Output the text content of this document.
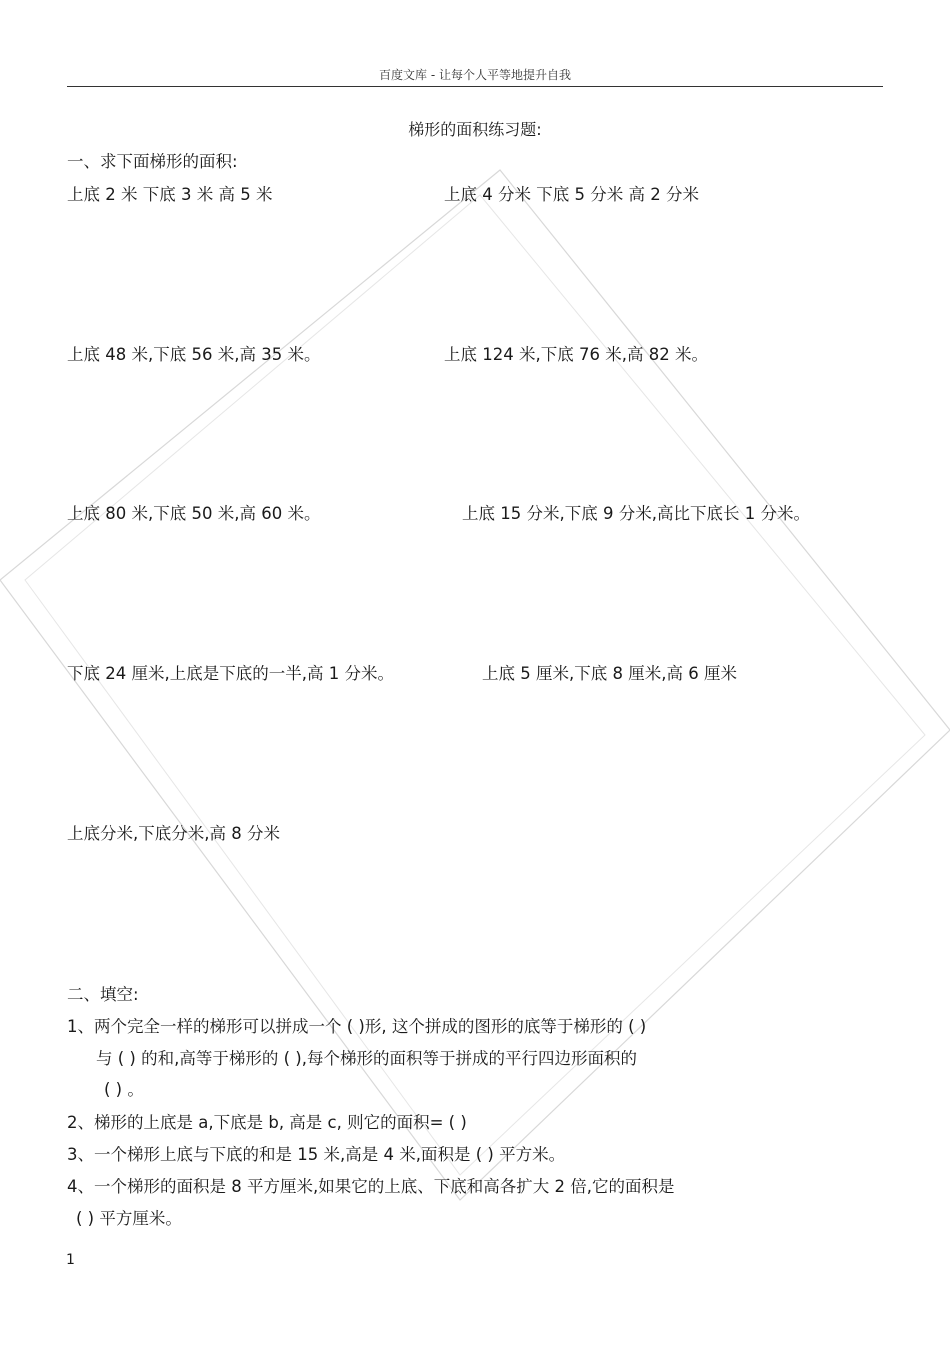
百度文库 - 让每个人平等地提升自我
梯形的面积练习题:
一、求下面梯形的面积:
上底 2 米 下底 3 米 高 5 米	上底 4 分米 下底 5 分米 高 2 分米
上底 48 米,下底 56 米,高 35 米。	上底 124 米,下底 76 米,高 82 米。
上底 80 米,下底 50 米,高 60 米。	上底 15 分米,下底 9 分米,高比下底长 1 分米。
下底 24 厘米,上底是下底的一半,高 1 分米。	上底 5 厘米,下底 8 厘米,高 6 厘米
上底分米,下底分米,高 8 分米
二、填空:
1、两个完全一样的梯形可以拼成一个 ( )形, 这个拼成的图形的底等于梯形的 ( )
与 ( ) 的和,高等于梯形的 ( ),每个梯形的面积等于拼成的平行四边形面积的
( ) 。
2、梯形的上底是 a,下底是 b, 高是 c, 则它的面积= ( )
3、一个梯形上底与下底的和是 15 米,高是 4 米,面积是 ( ) 平方米。
4、一个梯形的面积是 8 平方厘米,如果它的上底、下底和高各扩大 2 倍,它的面积是
( ) 平方厘米。
1
